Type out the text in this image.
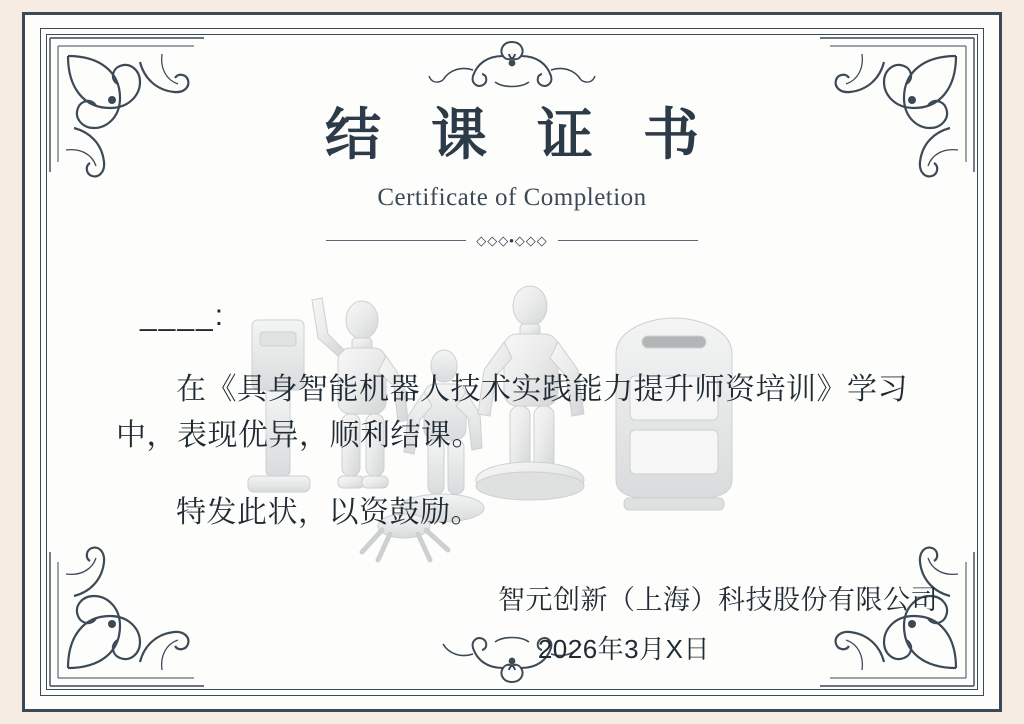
结 课 证 书
Certificate of Completion
◇◇◇•◇◇◇
____:
在《具身智能机器人技术实践能力提升师资培训》学习中，表现优异，顺利结课。
特发此状，以资鼓励。
智元创新（上海）科技股份有限公司
2026年3月X日
